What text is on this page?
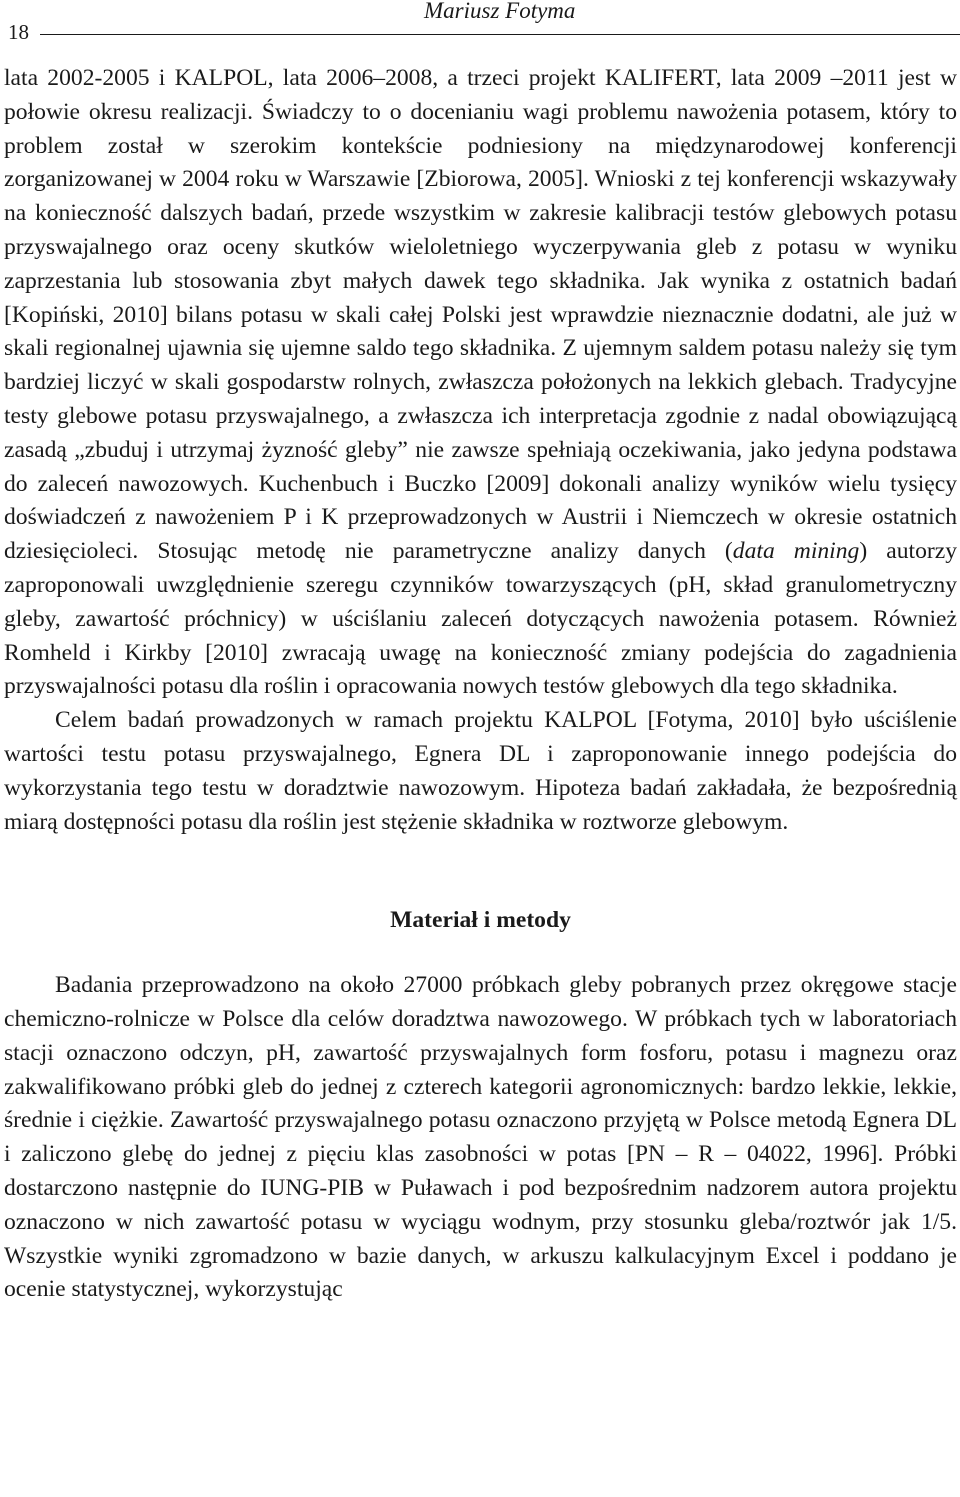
18
Mariusz Fotyma

lata 2002-2005 i KALPOL, lata 2006–2008, a trzeci projekt KALIFERT, lata 2009 –2011 jest w połowie okresu realizacji. Świadczy to o docenianiu wagi problemu nawożenia potasem, który to problem został w szerokim kontekście podniesiony na międzynarodowej konferencji zorganizowanej w 2004 roku w Warszawie [Zbiorowa, 2005]. Wnioski z tej konferencji wskazywały na konieczność dalszych badań, przede wszystkim w zakresie kalibracji testów glebowych potasu przyswajalnego oraz oceny skutków wieloletniego wyczerpywania gleb z potasu w wyniku zaprzestania lub stosowania zbyt małych dawek tego składnika. Jak wynika z ostatnich badań [Kopiński, 2010] bilans potasu w skali całej Polski jest wprawdzie nieznacznie dodatni, ale już w skali regionalnej ujawnia się ujemne saldo tego składnika. Z ujemnym saldem potasu należy się tym bardziej liczyć w skali gospodarstw rolnych, zwłaszcza położonych na lekkich glebach. Tradycyjne testy glebowe potasu przyswajalnego, a zwłaszcza ich interpretacja zgodnie z nadal obowiązującą zasadą „zbuduj i utrzymaj żyzność gleby” nie zawsze spełniają oczekiwania, jako jedyna podstawa do zaleceń nawozowych. Kuchenbuch i Buczko [2009] dokonali analizy wyników wielu tysięcy doświadczeń z nawożeniem P i K przeprowadzonych w Austrii i Niemczech w okresie ostatnich dziesięcioleci. Stosując metodę nie parametryczne analizy danych (data mining) autorzy zaproponowali uwzględnienie szeregu czynników towarzyszących (pH, skład granulometryczny gleby, zawartość próchnicy) w uściślaniu zaleceń dotyczących nawożenia potasem. Również Romheld i Kirkby [2010] zwracają uwagę na konieczność zmiany podejścia do zagadnienia przyswajalności potasu dla roślin i opracowania nowych testów glebowych dla tego składnika.

Celem badań prowadzonych w ramach projektu KALPOL [Fotyma, 2010] było uściślenie wartości testu potasu przyswajalnego, Egnera DL i zaproponowanie innego podejścia do wykorzystania tego testu w doradztwie nawozowym. Hipoteza badań zakładała, że bezpośrednią miarą dostępności potasu dla roślin jest stężenie składnika w roztworze glebowym.

Materiał i metody

Badania przeprowadzono na około 27000 próbkach gleby pobranych przez okręgowe stacje chemiczno-rolnicze w Polsce dla celów doradztwa nawozowego. W próbkach tych w laboratoriach stacji oznaczono odczyn, pH, zawartość przyswajalnych form fosforu, potasu i magnezu oraz zakwalifikowano próbki gleb do jednej z czterech kategorii agronomicznych: bardzo lekkie, lekkie, średnie i ciężkie. Zawartość przyswajalnego potasu oznaczono przyjętą w Polsce metodą Egnera DL i zaliczono glebę do jednej z pięciu klas zasobności w potas [PN – R – 04022, 1996]. Próbki dostarczono następnie do IUNG-PIB w Puławach i pod bezpośrednim nadzorem autora projektu oznaczono w nich zawartość potasu w wyciągu wodnym, przy stosunku gleba/roztwór jak 1/5. Wszystkie wyniki zgromadzono w bazie danych, w arkuszu kalkulacyjnym Excel i poddano je ocenie statystycznej, wykorzystując
